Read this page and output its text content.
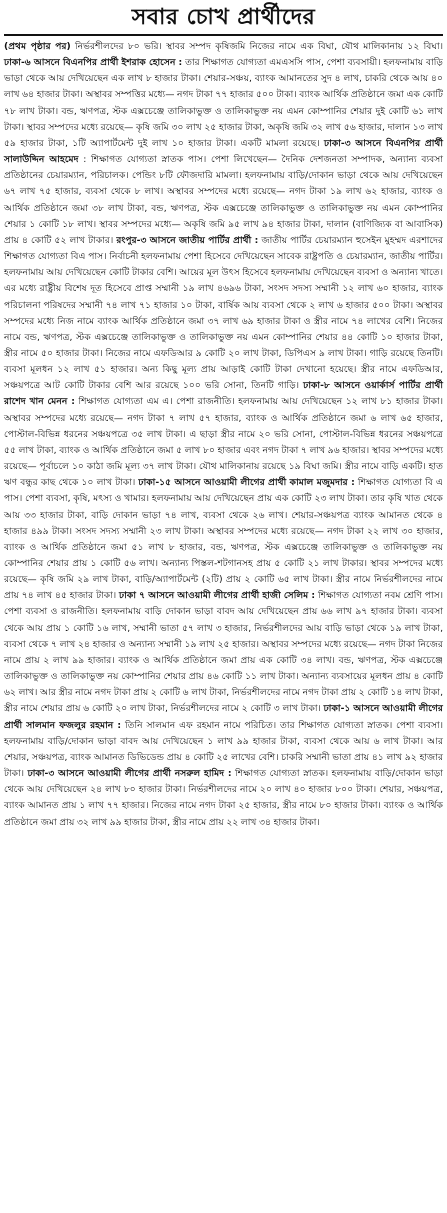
সবার চোখ প্রার্থীদের

( প্রথম পৃষ্ঠার পর ) নির্ভরশীলদের ৮০ ভরি। স্থাবর সম্পদ কৃষিজমি নিজের নামে এক বিঘা, যৌথ মালিকানায় ১২ বিঘা। ঢাকা-৬ আসনে বিএনপির প্রার্থী ইশরাক হোসেন : তার শিক্ষাগত যোগ্যতা এমএসসি পাস, পেশা ব্যবসায়ী। হলফনামায় বাড়ি ভাড়া থেকে আয় দেখিয়েছেন এক লাখ ৮ হাজার টাকা। শেয়ার-সঞ্চয়, ব্যাংক আমানতের সুদ ৪ লাখ, চাকরি থেকে আয় ৪০ লাখ ৬৪ হাজার টাকা। অস্থাবর সম্পত্তির মধ্যে— নগদ টাকা ৭৭ হাজার ৫০০ টাকা। ব্যাংক আর্থিক প্রতিষ্ঠানে জমা এক কোটি ৭৮ লাখ টাকা। বন্ড, ঋণপত্র, স্টক এক্সচেঞ্জে তালিকাভুক্ত ও তালিকাভুক্ত নয় এমন কোম্পানির শেয়ার দুই কোটি ৬১ লাখ টাকা। স্থাবর সম্পদের মধ্যে রয়েছে— কৃষি জমি ৩০ লাখ ২৫ হাজার টাকা, অকৃষি জমি ৩২ লাখ ৫৬ হাজার, দালান ১৩ লাখ ৫৯ হাজার টাকা, ১টি অ্যাপার্টমেন্ট দুই লাখ ১০ হাজার টাকা। একটি মামলা রয়েছে। ঢাকা-৩ আসনে বিএনপির প্রার্থী সালাউদ্দিন আহমেদ : শিক্ষাগত যোগ্যতা স্নাতক পাস। পেশা লিখেছেন— দৈনিক দেশজনতা সম্পাদক, অন্যান্য ব্যবসা প্রতিষ্ঠানের চেয়ারম্যান, পরিচালক। পেন্ডিং ৮টি ফৌজদারি মামলা। হলফনামায় বাড়ি/দোকান ভাড়া থেকে আয় দেখিয়েছেন ৬৭ লাখ ৭৫ হাজার, ব্যবসা থেকে ৮ লাখ। অস্থাবর সম্পদের মধ্যে রয়েছে— নগদ টাকা ১৯ লাখ ৬২ হাজার, ব্যাংক ও আর্থিক প্রতিষ্ঠানে জমা ৩৮ লাখ টাকা, বন্ড, ঋণপত্র, স্টক এক্সচেঞ্জে তালিকাভুক্ত ও তালিকাভুক্ত নয় এমন কোম্পানির শেয়ার ১ কোটি ১৮ লাখ। স্থাবর সম্পদের মধ্যে— অকৃষি জমি ৯৫ লাখ ৯৪ হাজার টাকা, দালান (বাণিজ্যিক বা আবাসিক) প্রায় ৪ কোটি ৫২ লাখ টাকার। রংপুর-৩ আসনে জাতীয় পার্টির প্রার্থী : জাতীয় পার্টির চেয়ারম্যান হুসেইন মুহম্মদ এরশাদের শিক্ষাগত যোগ্যতা বিএ পাস। নির্বাচনী হলফনামায় পেশা হিসেবে দেখিয়েছেন সাবেক রাষ্ট্রপতি ও চেয়ারম্যান, জাতীয় পার্টির। হলফনামায় আয় দেখিয়েছেন কোটি টাকার বেশি। আয়ের মূল উৎস হিসেবে হলফনামায় দেখিয়েছেন ব্যবসা ও অন্যান্য খাতে। এর মধ্যে রাষ্ট্রীয় বিশেষ দূত হিসেবে প্রাপ্ত সম্মানী ১৯ লাখ ৪৬৯৬ টাকা, সংসদ সদস্য সম্মানী ১২ লাখ ৬০ হাজার, ব্যাংক পরিচালনা পরিষদের সম্মানী ৭৪ লাখ ৭১ হাজার ১০ টাকা, বার্ষিক আয় ব্যবসা থেকে ২ লাখ ৬ হাজার ৫০০ টাকা। অস্থাবর সম্পদের মধ্যে নিজ নামে ব্যাংক আর্থিক প্রতিষ্ঠানে জমা ৩৭ লাখ ৬৯ হাজার টাকা ও স্ত্রীর নামে ৭৪ লাখের বেশি। নিজের নামে বন্ড, ঋণপত্র, স্টক এক্সচেঞ্জে তালিকাভুক্ত ও তালিকাভুক্ত নয় এমন কোম্পানির শেয়ার ৪৪ কোটি ১০ হাজার টাকা, স্ত্রীর নামে ৫০ হাজার টাকা। নিজের নামে এফডিআর ৯ কোটি ২০ লাখ টাকা, ডিপিএস ৯ লাখ টাকা। গাড়ি রয়েছে তিনটি। ব্যবসা মূলধন ১২ লাখ ৫১ হাজার। অন্য কিছু মূল্য প্রায় আড়াই কোটি টাকা দেখানো হয়েছে। স্ত্রীর নামে এফডিআর, সঞ্চয়পত্রে আট কোটি টাকার বেশি আর রয়েছে ১০০ ভরি সোনা, তিনটি গাড়ি। ঢাকা-৮ আসনে ওয়ার্কার্স পার্টির প্রার্থী রাশেদ খান মেনন : শিক্ষাগত যোগ্যতা এম এ। পেশা রাজনীতি। হলফনামায় আয় দেখিয়েছেন ১২ লাখ ৮১ হাজার টাকা। অস্থাবর সম্পদের মধ্যে রয়েছে— নগদ টাকা ৭ লাখ ৫৭ হাজার, ব্যাংক ও আর্থিক প্রতিষ্ঠানে জমা ৬ লাখ ৬৫ হাজার, পোস্টাল-বিভিন্ন ধরনের সঞ্চয়পত্রে ৩৫ লাখ টাকা। এ ছাড়া স্ত্রীর নামে ২০ ভরি সোনা, পোস্টাল-বিভিন্ন ধরনের সঞ্চয়পত্রে ৫৫ লাখ টাকা, ব্যাংক ও আর্থিক প্রতিষ্ঠানে জমা ৫ লাখ ৮০ হাজার এবং নগদ টাকা ৭ লাখ ৯৬ হাজার। স্থাবর সম্পদের মধ্যে রয়েছে— পূর্বাচলে ১০ কাঠা জমি মূল্য ৩৭ লাখ টাকা। যৌথ মালিকানায় রয়েছে ১৯ বিঘা জমি। স্ত্রীর নামে বাড়ি একটি। হাত ঋণ বন্ধুর কাছ থেকে ১০ লাখ টাকা। ঢাকা-১৫ আসনে আওয়ামী লীগের প্রার্থী কামাল মজুমদার : শিক্ষাগত যোগ্যতা বি এ পাস। পেশা ব্যবসা, কৃষি, মৎস্য ও খামার। হলফনামায় আয় দেখিয়েছেন প্রায় এক কোটি ২৩ লাখ টাকা। তার কৃষি খাত থেকে আয় ৩৩ হাজার টাকা, বাড়ি দোকান ভাড়া ৭৪ লাখ, ব্যবসা থেকে ২৬ লাখ। শেয়ার-সঞ্চয়পত্র ব্যাংক আমানত থেকে ৪ হাজার ৪৯৯ টাকা। সংসদ সদস্য সম্মানী ২৩ লাখ টাকা। অস্থাবর সম্পদের মধ্যে রয়েছে— নগদ টাকা ২২ লাখ ৩০ হাজার, ব্যাংক ও আর্থিক প্রতিষ্ঠানে জমা ৫১ লাখ ৮ হাজার, বন্ড, ঋণপত্র, স্টক এক্সচেঞ্জে তালিকাভুক্ত ও তালিকাভুক্ত নয় কোম্পানির শেয়ার প্রায় ১ কোটি ৫৬ লাখ। অন্যান্য পিস্তল-শটগানসহ প্রায় ৫ কোটি ২১ লাখ টাকার। স্থাবর সম্পদের মধ্যে রয়েছে— কৃষি জমি ২৯ লাখ টাকা, বাড়ি/অ্যাপার্টমেন্ট (২টি) প্রায় ২ কোটি ৬৫ লাখ টাকা। স্ত্রীর নামে নির্ভরশীলদের নামে প্রায় ৭৪ লাখ ৪৫ হাজার টাকা। ঢাকা ৭ আসনে আওয়ামী লীগের প্রার্থী হাজী সেলিম : শিক্ষাগত যোগ্যতা নবম শ্রেণি পাস। পেশা ব্যবসা ও রাজনীতি। হলফনামায় বাড়ি দোকান ভাড়া বাবদ আয় দেখিয়েছেন প্রায় ৬৬ লাখ ৯৭ হাজার টাকা। ব্যবসা থেকে আয় প্রায় ১ কোটি ১৬ লাখ, সম্মানী ভাতা ৫৭ লাখ ৩ হাজার, নির্ভরশীলদের আয় বাড়ি ভাড়া থেকে ১৯ লাখ টাকা, ব্যবসা থেকে ৭ লাখ ২৪ হাজার ও অন্যান্য সম্মানী ১৯ লাখ ২৫ হাজার। অস্থাবর সম্পদের মধ্যে রয়েছে— নগদ টাকা নিজের নামে প্রায় ২ লাখ ৯৯ হাজার। ব্যাংক ও আর্থিক প্রতিষ্ঠানে জমা প্রায় এক কোটি ৩৪ লাখ। বন্ড, ঋণপত্র, স্টক এক্সচেঞ্জে তালিকাভুক্ত ও তালিকাভুক্ত নয় কোম্পানির শেয়ার প্রায় ৪৬ কোটি ১১ লাখ টাকা। অন্যান্য ব্যবসায়ের মূলধন প্রায় ৪ কোটি ৬২ লাখ। আর স্ত্রীর নামে নগদ টাকা প্রায় ২ কোটি ৬ লাখ টাকা, নির্ভরশীলদের নামে নগদ টাকা প্রায় ২ কোটি ১৪ লাখ টাকা, স্ত্রীর নামে শেয়ার প্রায় ৬ কোটি ২০ লাখ টাকা, নির্ভরশীলদের নামে ২ কোটি ৩ লাখ টাকা। ঢাকা-১ আসনে আওয়ামী লীগের প্রার্থী সালমান ফজলুর রহমান : তিনি সালমান এফ রহমান নামে পরিচিত। তার শিক্ষাগত যোগ্যতা স্নাতক। পেশা ব্যবসা। হলফনামায় বাড়ি/দোকান ভাড়া বাবদ আয় দেখিয়েছেন ১ লাখ ৯৯ হাজার টাকা, ব্যবসা থেকে আয় ৬ লাখ টাকা। আর শেয়ার, সঞ্চয়পত্র, ব্যাংক আমানত ডিভিডেন্ড প্রায় ৪ কোটি ২৫ লাখের বেশি। চাকরি সম্মানী ভাতা প্রায় ৪১ লাখ ৯২ হাজার টাকা। ঢাকা-৩ আসনে আওয়ামী লীগের প্রার্থী নসরুল হামিদ : শিক্ষাগত যোগ্যতা স্নাতক। হলফনামায় বাড়ি/দোকান ভাড়া থেকে আয় দেখিয়েছেন ২৪ লাখ ৮০ হাজার টাকা। নির্ভরশীলদের নামে ২০ লাখ ৪০ হাজার ৮০০ টাকা। শেয়ার, সঞ্চয়পত্র, ব্যাংক আমানত প্রায় ১ লাখ ৭৭ হাজার। নিজের নামে নগদ টাকা ২৫ হাজার, স্ত্রীর নামে ৮০ হাজার টাকা। ব্যাংক ও আর্থিক প্রতিষ্ঠানে জমা প্রায় ৩২ লাখ ৯৯ হাজার টাকা, স্ত্রীর নামে প্রায় ২২ লাখ ৩৪ হাজার টাকা।
